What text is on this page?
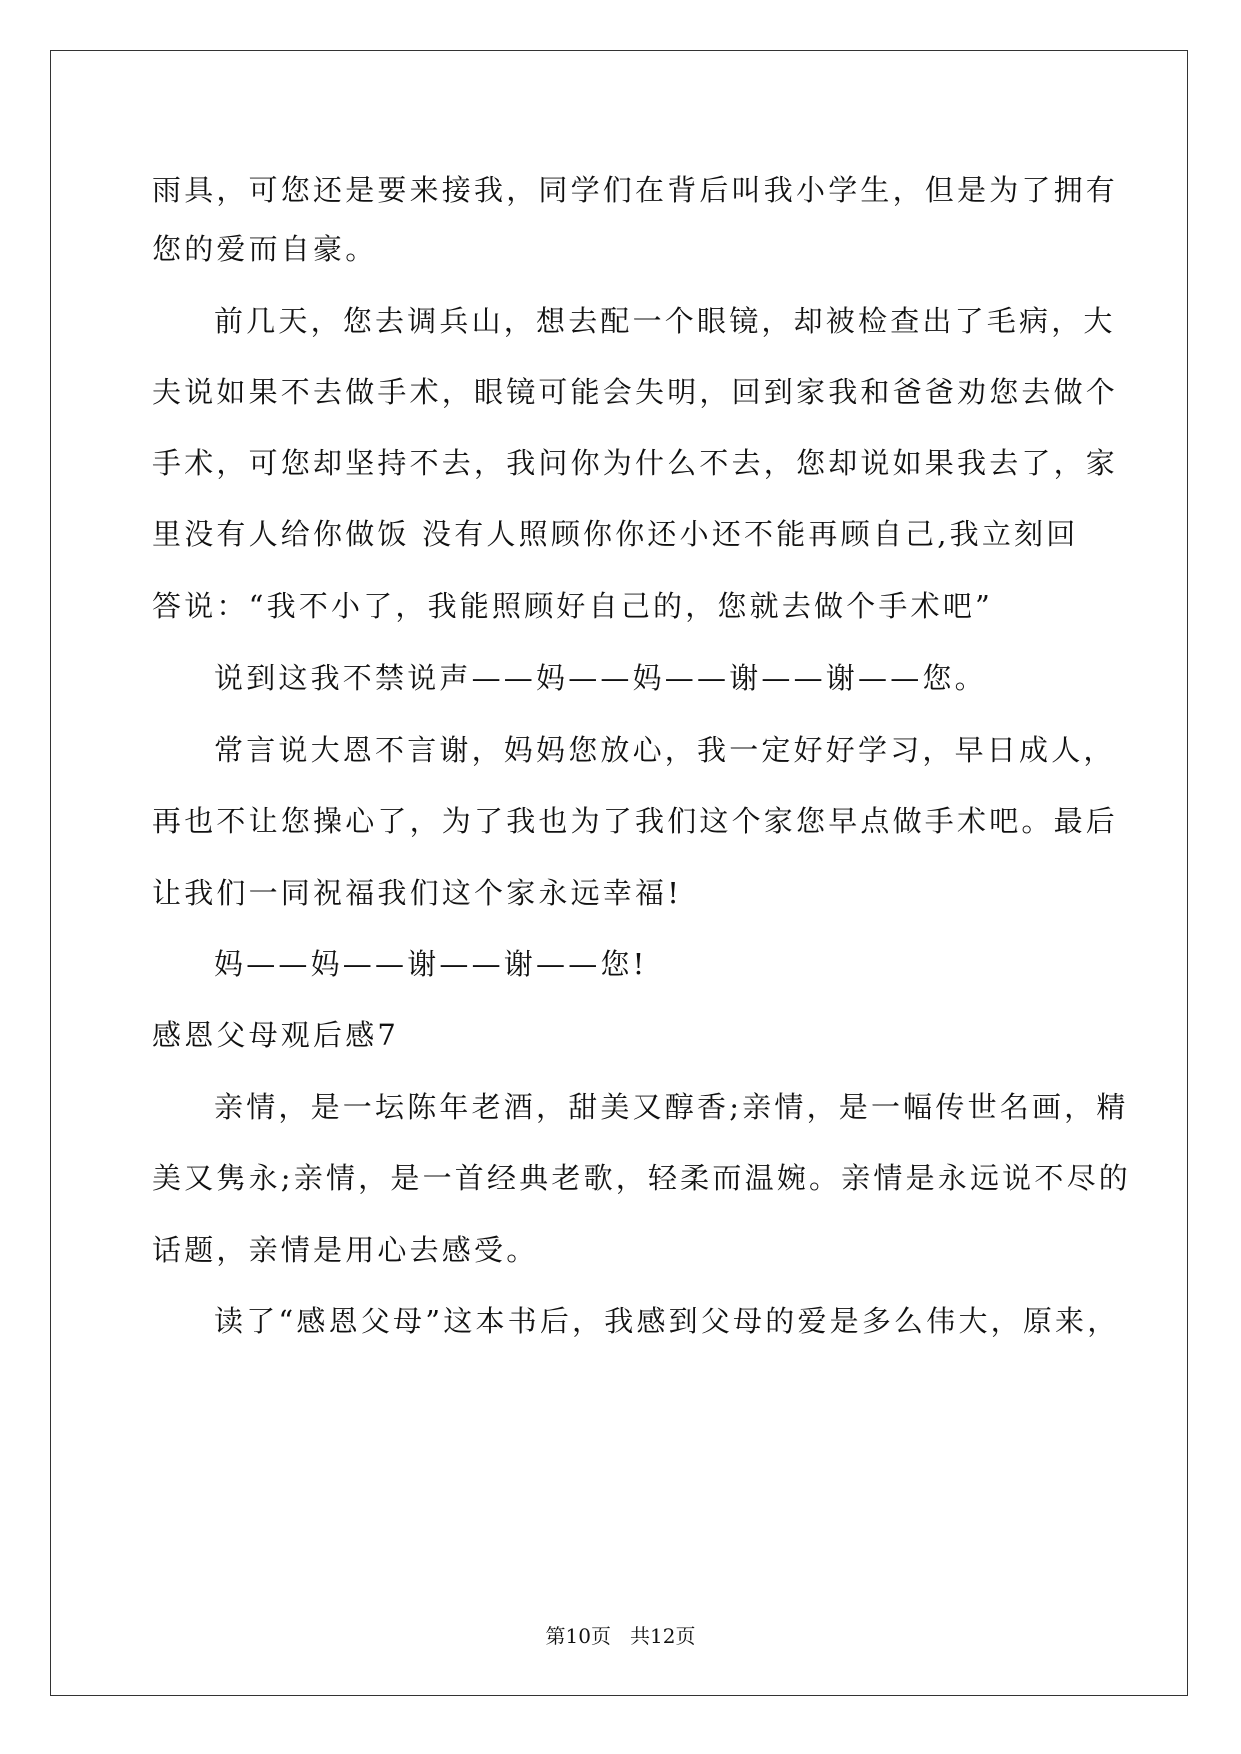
雨具，可您还是要来接我，同学们在背后叫我小学生，但是为了拥有
您的爱而自豪。
前几天，您去调兵山，想去配一个眼镜，却被检查出了毛病，大
夫说如果不去做手术，眼镜可能会失明，回到家我和爸爸劝您去做个
手术，可您却坚持不去，我问你为什么不去，您却说如果我去了，家
里没有人给你做饭 没有人照顾你你还小还不能再顾自己,我立刻回
答说：“我不小了，我能照顾好自己的，您就去做个手术吧”
说到这我不禁说声——妈——妈——谢——谢——您。
常言说大恩不言谢，妈妈您放心，我一定好好学习，早日成人，
再也不让您操心了，为了我也为了我们这个家您早点做手术吧。最后
让我们一同祝福我们这个家永远幸福!
妈——妈——谢——谢——您!
感恩父母观后感7
亲情，是一坛陈年老酒，甜美又醇香;亲情，是一幅传世名画，精
美又隽永;亲情，是一首经典老歌，轻柔而温婉。亲情是永远说不尽的
话题，亲情是用心去感受。
读了“感恩父母”这本书后，我感到父母的爱是多么伟大，原来，
第10页   共12页
